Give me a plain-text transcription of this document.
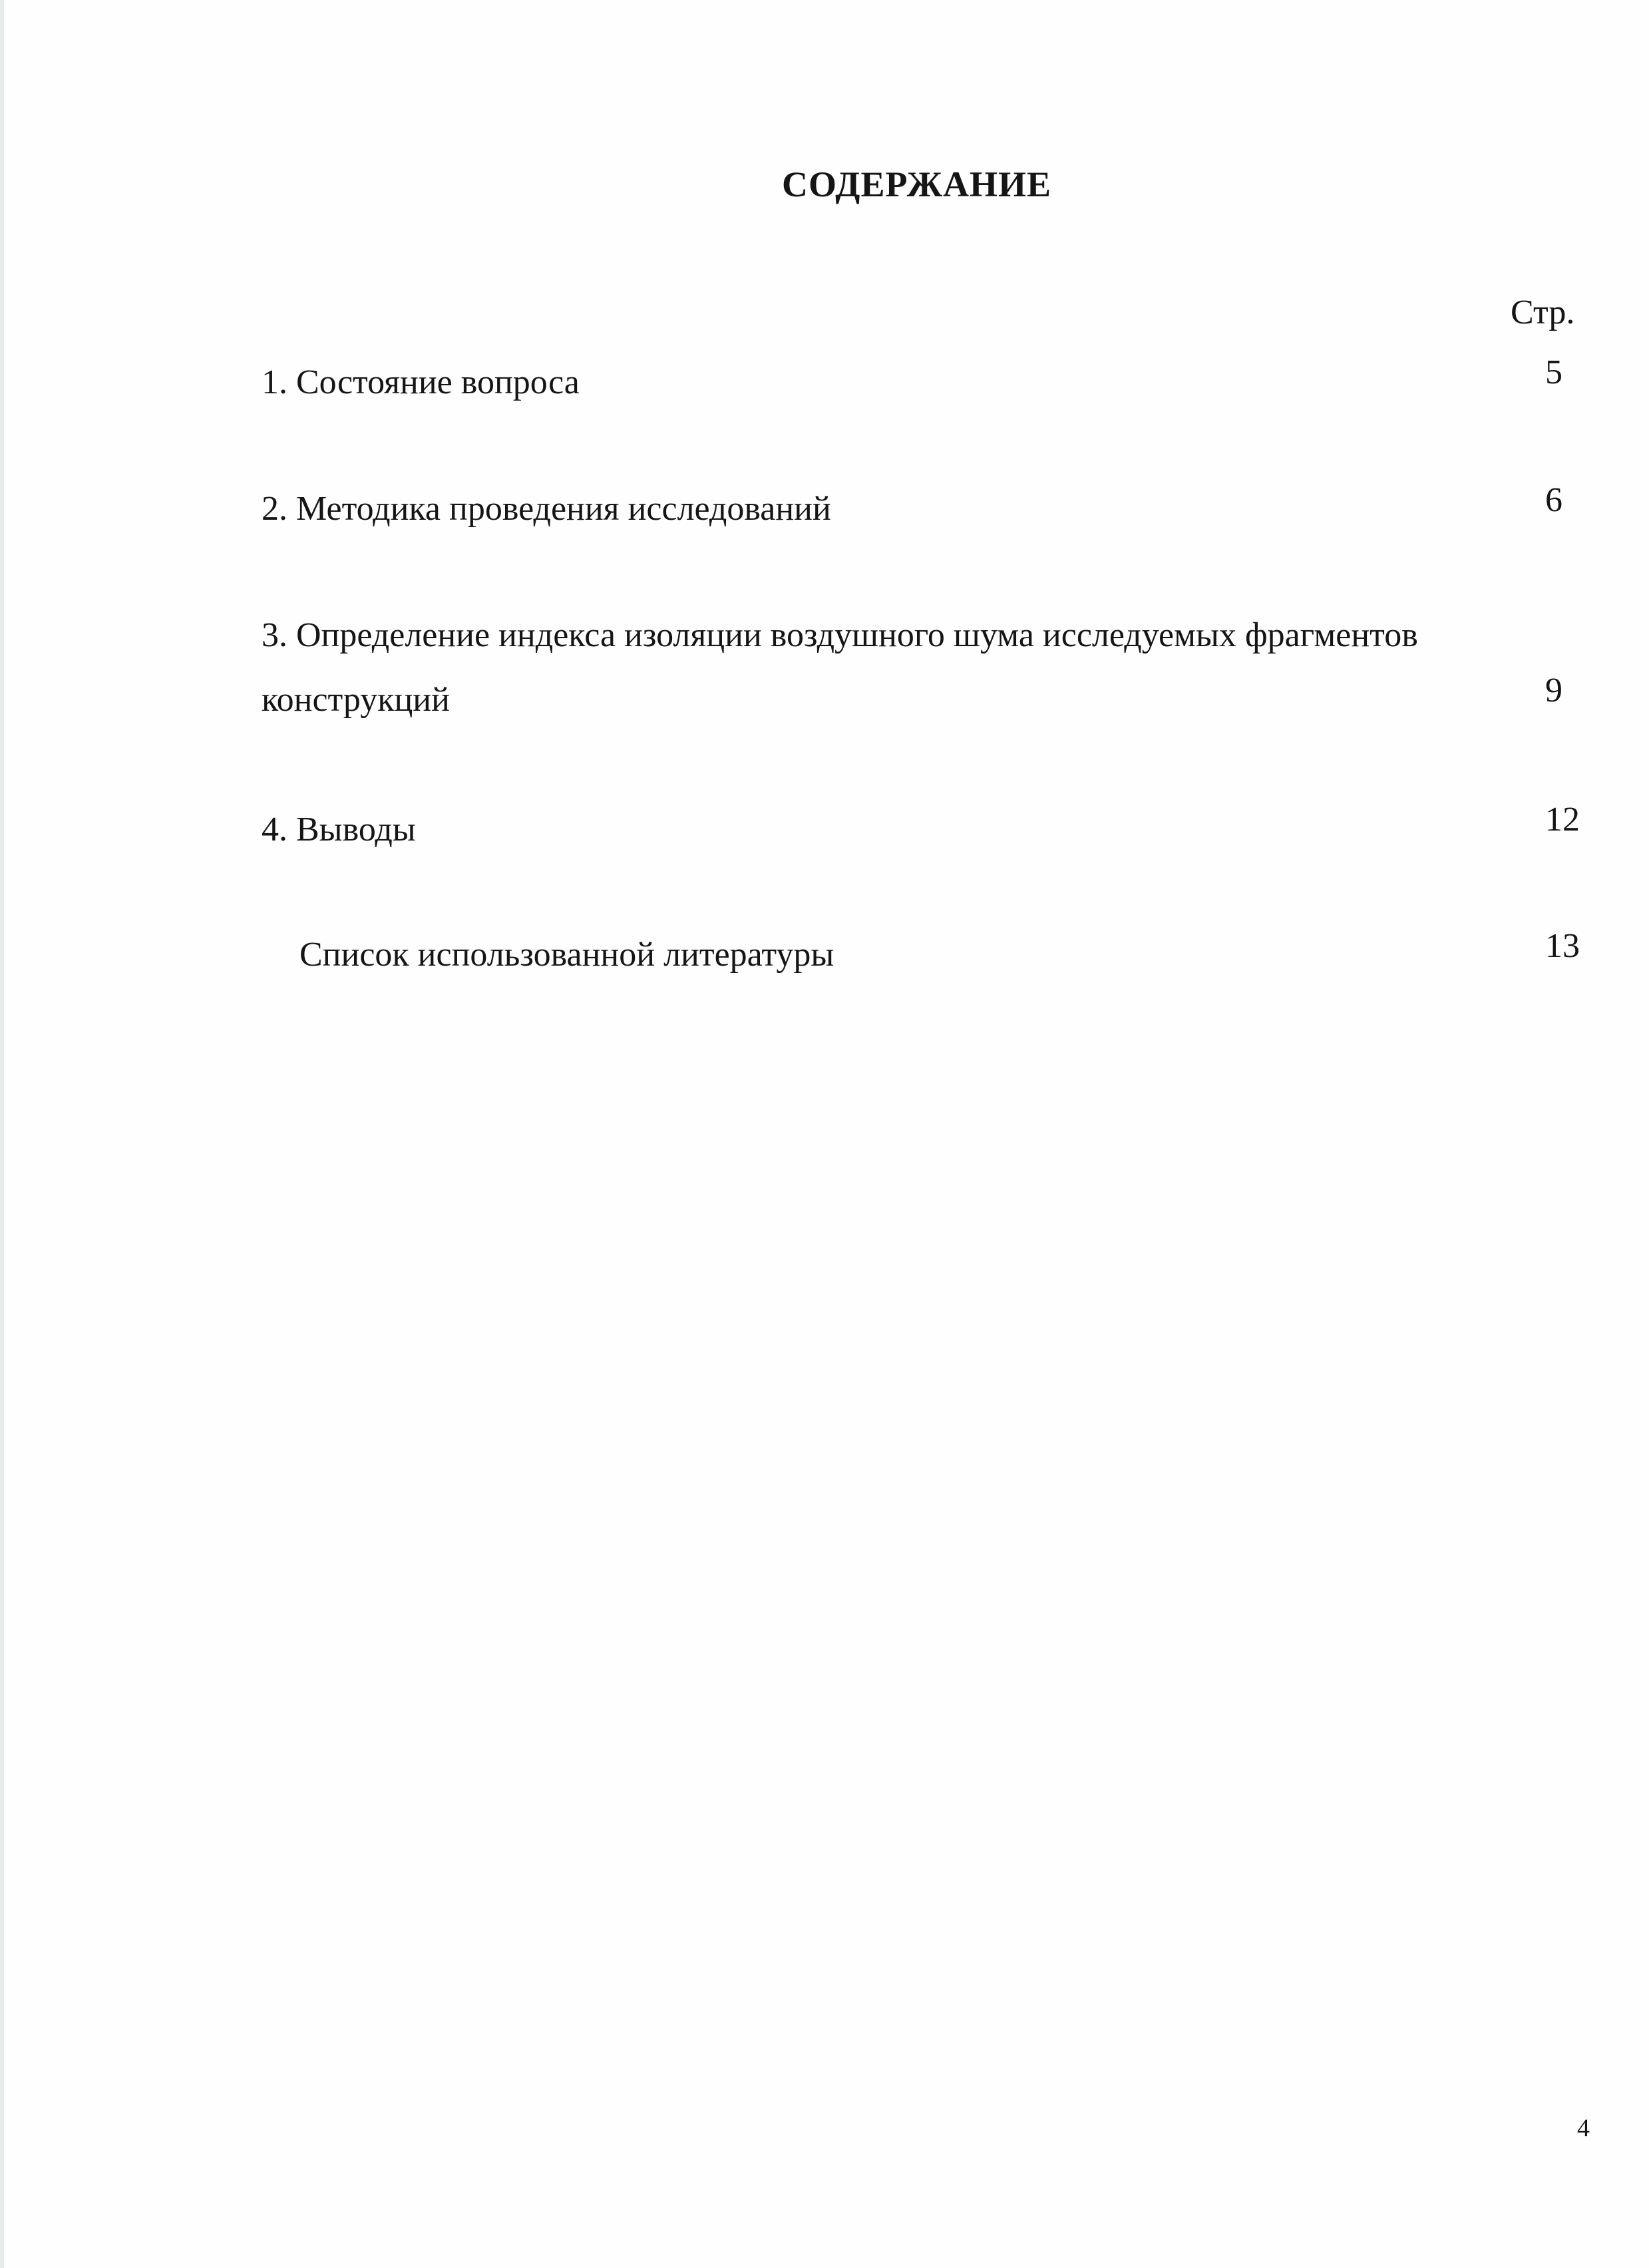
СОДЕРЖАНИЕ
Стр.
1. Состояние вопроса	5
2. Методика проведения исследований	6
3. Определение индекса изоляции воздушного шума исследуемых фрагментов
конструкций	9
4. Выводы	12
Список использованной литературы	13
4
